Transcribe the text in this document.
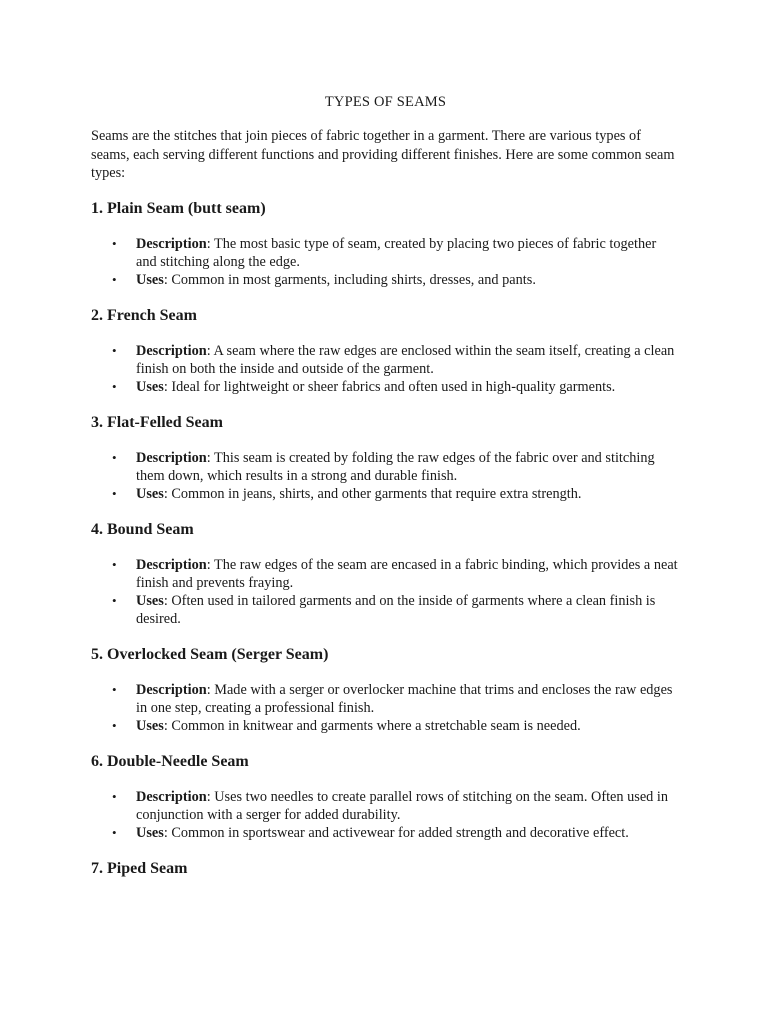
TYPES OF SEAMS

Seams are the stitches that join pieces of fabric together in a garment. There are various types of seams, each serving different functions and providing different finishes. Here are some common seam types:

1. Plain Seam (butt seam)
• Description: The most basic type of seam, created by placing two pieces of fabric together and stitching along the edge.
• Uses: Common in most garments, including shirts, dresses, and pants.
2. French Seam
• Description: A seam where the raw edges are enclosed within the seam itself, creating a clean finish on both the inside and outside of the garment.
• Uses: Ideal for lightweight or sheer fabrics and often used in high-quality garments.
3. Flat-Felled Seam
• Description: This seam is created by folding the raw edges of the fabric over and stitching them down, which results in a strong and durable finish.
• Uses: Common in jeans, shirts, and other garments that require extra strength.
4. Bound Seam
• Description: The raw edges of the seam are encased in a fabric binding, which provides a neat finish and prevents fraying.
• Uses: Often used in tailored garments and on the inside of garments where a clean finish is desired.
5. Overlocked Seam (Serger Seam)
• Description: Made with a serger or overlocker machine that trims and encloses the raw edges in one step, creating a professional finish.
• Uses: Common in knitwear and garments where a stretchable seam is needed.
6. Double-Needle Seam
• Description: Uses two needles to create parallel rows of stitching on the seam. Often used in conjunction with a serger for added durability.
• Uses: Common in sportswear and activewear for added strength and decorative effect.
7. Piped Seam
